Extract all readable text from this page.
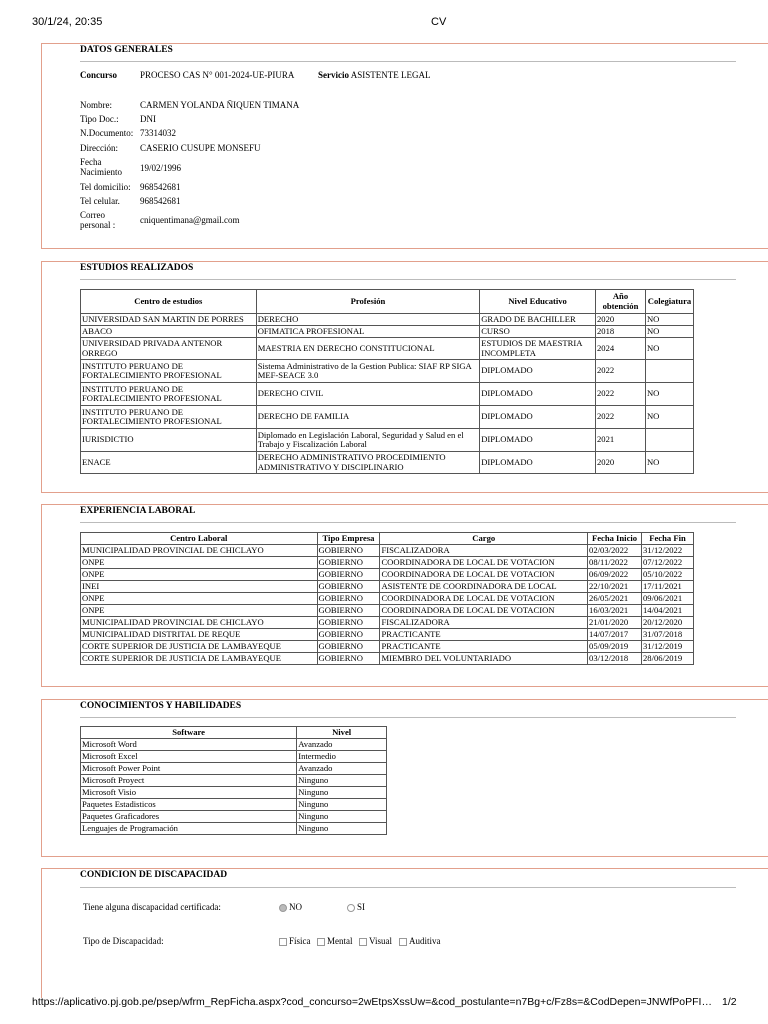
30/1/24, 20:35	CV
DATOS GENERALES
Concurso	PROCESO CAS N° 001-2024-UE-PIURA	Servicio ASISTENTE LEGAL
Nombre:	CARMEN YOLANDA ÑIQUEN TIMANA
Tipo Doc.: DNI
N.Documento: 73314032
Dirección: CASERIO CUSUPE MONSEFU
Fecha Nacimiento	19/02/1996
Tel domicilio: 968542681
Tel celular. 968542681
Correo personal :	cniquentimana@gmail.com
ESTUDIOS REALIZADOS
Centro de estudios	Profesión	Nivel Educativo	Año obtención	Colegiatura
UNIVERSIDAD SAN MARTIN DE PORRES	DERECHO	GRADO DE BACHILLER	2020	NO
ABACO	OFIMATICA PROFESIONAL	CURSO	2018	NO
UNIVERSIDAD PRIVADA ANTENOR ORREGO	MAESTRIA EN DERECHO CONSTITUCIONAL	ESTUDIOS DE MAESTRIA INCOMPLETA	2024	NO
INSTITUTO PERUANO DE FORTALECIMIENTO PROFESIONAL	Sistema Administrativo de la Gestion Publica: SIAF RP SIGA MEF-SEACE 3.0	DIPLOMADO	2022	
INSTITUTO PERUANO DE FORTALECIMIENTO PROFESIONAL	DERECHO CIVIL	DIPLOMADO	2022	NO
INSTITUTO PERUANO DE FORTALECIMIENTO PROFESIONAL	DERECHO DE FAMILIA	DIPLOMADO	2022	NO
IURISDICTIO	Diplomado en Legislación Laboral, Seguridad y Salud en el Trabajo y Fiscalización Laboral	DIPLOMADO	2021	
ENACE	DERECHO ADMINISTRATIVO PROCEDIMIENTO ADMINISTRATIVO Y DISCIPLINARIO	DIPLOMADO	2020	NO
EXPERIENCIA LABORAL
Centro Laboral	Tipo Empresa	Cargo	Fecha Inicio	Fecha Fin
MUNICIPALIDAD PROVINCIAL DE CHICLAYO	GOBIERNO	FISCALIZADORA	02/03/2022	31/12/2022
ONPE	GOBIERNO	COORDINADORA DE LOCAL DE VOTACION	08/11/2022	07/12/2022
ONPE	GOBIERNO	COORDINADORA DE LOCAL DE VOTACION	06/09/2022	05/10/2022
INEI	GOBIERNO	ASISTENTE DE COORDINADORA DE LOCAL	22/10/2021	17/11/2021
ONPE	GOBIERNO	COORDINADORA DE LOCAL DE VOTACION	26/05/2021	09/06/2021
ONPE	GOBIERNO	COORDINADORA DE LOCAL DE VOTACION	16/03/2021	14/04/2021
MUNICIPALIDAD PROVINCIAL DE CHICLAYO	GOBIERNO	FISCALIZADORA	21/01/2020	20/12/2020
MUNICIPALIDAD DISTRITAL DE REQUE	GOBIERNO	PRACTICANTE	14/07/2017	31/07/2018
CORTE SUPERIOR DE JUSTICIA DE LAMBAYEQUE	GOBIERNO	PRACTICANTE	05/09/2019	31/12/2019
CORTE SUPERIOR DE JUSTICIA DE LAMBAYEQUE	GOBIERNO	MIEMBRO DEL VOLUNTARIADO	03/12/2018	28/06/2019
CONOCIMIENTOS Y HABILIDADES
Software	Nivel
Microsoft Word	Avanzado
Microsoft Excel	Intermedio
Microsoft Power Point	Avanzado
Microsoft Proyect	Ninguno
Microsoft Visio	Ninguno
Paquetes Estadisticos	Ninguno
Paquetes Graficadores	Ninguno
Lenguajes de Programación	Ninguno
CONDICION DE DISCAPACIDAD
Tiene alguna discapacidad certificada:	NO	SI
Tipo de Discapacidad:	Física	Mental	Visual	Auditiva
https://aplicativo.pj.gob.pe/psep/wfrm_RepFicha.aspx?cod_concurso=2wEtpsXssUw=&cod_postulante=n7Bg+c/Fz8s=&CodDepen=JNWfPoPFI… 1/2
